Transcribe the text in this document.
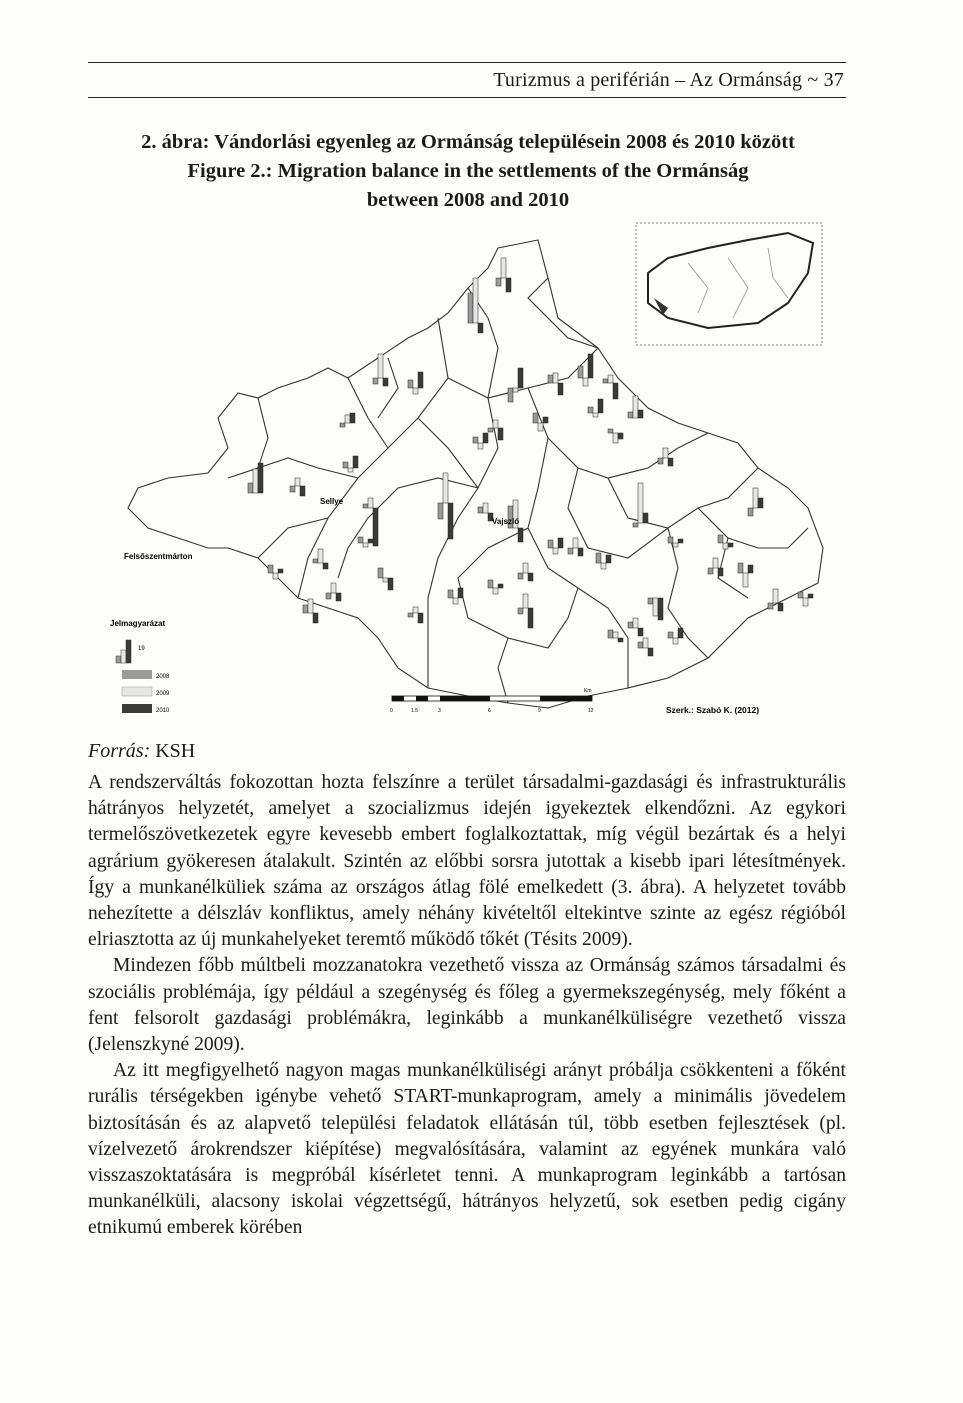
Turizmus a periférián – Az Ormánság ~ 37
2. ábra: Vándorlási egyenleg az Ormánság településein 2008 és 2010 között
Figure 2.: Migration balance in the settlements of the Ormánság
between 2008 and 2010
Sellye
Vajszló
Felsőszentmárton
Jelmagyarázat
19
2008
2009
2010
Km
0	1.5	3	6	9	12	Szerk.: Szabó K. (2012)
Forrás: KSH

A rendszerváltás fokozottan hozta felszínre a terület társadalmi-gazdasági és infrastrukturális hátrányos helyzetét, amelyet a szocializmus idején igyekeztek elkendőzni. Az egykori termelőszövetkezetek egyre kevesebb embert foglalkoztattak, míg végül bezártak és a helyi agrárium gyökeresen átalakult. Szintén az előbbi sorsra jutottak a kisebb ipari létesítmények. Így a munkanélküliek száma az országos átlag fölé emelkedett (3. ábra). A helyzetet tovább nehezítette a délszláv konfliktus, amely néhány kivételtől eltekintve szinte az egész régióból elriasztotta az új munkahelyeket teremtő működő tőkét (Tésits 2009).

Mindezen főbb múltbeli mozzanatokra vezethető vissza az Ormánság számos társadalmi és szociális problémája, így például a szegénység és főleg a gyermekszegénység, mely főként a fent felsorolt gazdasági problémákra, leginkább a munkanélküliségre vezethető vissza (Jelenszkyné 2009).

Az itt megfigyelhető nagyon magas munkanélküliségi arányt próbálja csökkenteni a főként rurális térségekben igénybe vehető START-munkaprogram, amely a minimális jövedelem biztosításán és az alapvető települési feladatok ellátásán túl, több esetben fejlesztések (pl. vízelvezető árokrendszer kiépítése) megvalósítására, valamint az egyének munkára való visszaszoktatására is megpróbál kísérletet tenni. A munkaprogram leginkább a tartósan munkanélküli, alacsony iskolai végzettségű, hátrányos helyzetű, sok esetben pedig cigány etnikumú emberek körében
